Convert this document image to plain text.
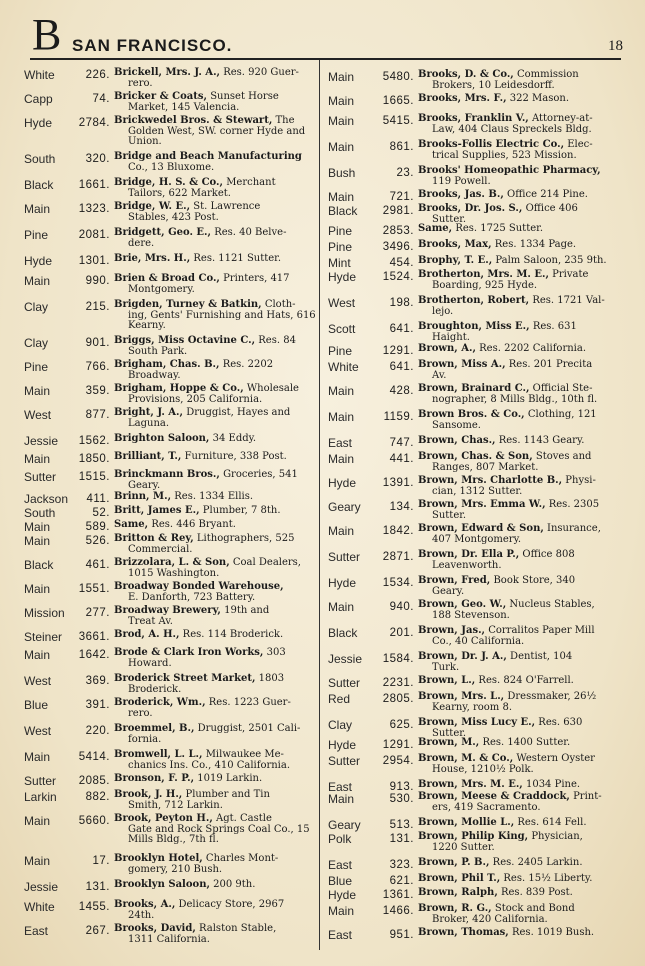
B SAN FRANCISCO.	18
White	226. Brickell, Mrs. J. A., Res. 920 Guer-
rero.
Capp	74. Bricker & Coats, Sunset Horse
Market, 145 Valencia.
Hyde	2784. Brickwedel Bros. & Stewart, The
Golden West, SW. corner Hyde and Union.
South	320. Bridge and Beach Manufacturing
Co., 13 Bluxome.
Black	1661. Bridge, H. S. & Co., Merchant
Tailors, 622 Market.
Main	1323. Bridge, W. E., St. Lawrence
Stables, 423 Post.
Pine	2081. Bridgett, Geo. E., Res. 40 Belve-
dere.
Hyde	1301. Brie, Mrs. H., Res. 1121 Sutter.
Main	990. Brien & Broad Co., Printers, 417
Montgomery.
Clay	215. Brigden, Turney & Batkin, Cloth-
ing, Gents' Furnishing and Hats, 616 Kearny.
Clay	901. Briggs, Miss Octavine C., Res. 84
South Park.
Pine	766. Brigham, Chas. B., Res. 2202
Broadway.
Main	359. Brigham, Hoppe & Co., Wholesale
Provisions, 205 California.
West	877. Bright, J. A., Druggist, Hayes and
Laguna.
Jessie	1562. Brighton Saloon, 34 Eddy.
Main	1850. Brilliant, T., Furniture, 338 Post.
Sutter	1515. Brinckmann Bros., Groceries, 541
Geary.
Jackson	411. Brinn, M., Res. 1334 Ellis.
South	52. Britt, James E., Plumber, 7 8th.
Main	589. Same, Res. 446 Bryant.
Main	526. Britton & Rey, Lithographers, 525
Commercial.
Black	461. Brizzolara, L. & Son, Coal Dealers,
1015 Washington.
Main	1551. Broadway Bonded Warehouse,
E. Danforth, 723 Battery.
Mission	277. Broadway Brewery, 19th and
Treat Av.
Steiner	3661. Brod, A. H., Res. 114 Broderick.
Main	1642. Brode & Clark Iron Works, 303
Howard.
West	369. Broderick Street Market, 1803
Broderick.
Blue	391. Broderick, Wm., Res. 1223 Guer-
rero.
West	220. Broemmel, B., Druggist, 2501 Cali-
fornia.
Main	5414. Bromwell, L. L., Milwaukee Me-
chanics Ins. Co., 410 California.
Sutter	2085. Bronson, F. P., 1019 Larkin.
Larkin	882. Brook, J. H., Plumber and Tin
Smith, 712 Larkin.
Main	5660. Brook, Peyton H., Agt. Castle
Gate and Rock Springs Coal Co., 15 Mills Bldg., 7th fl.
Main	17. Brooklyn Hotel, Charles Mont-
gomery, 210 Bush.
Jessie	131. Brooklyn Saloon, 200 9th.
White	1455. Brooks, A., Delicacy Store, 2967
24th.
East	267. Brooks, David, Ralston Stable,
1311 California.
Main	5480. Brooks, D. & Co., Commission
Brokers, 10 Leidesdorff.
Main	1665. Brooks, Mrs. F., 322 Mason.
Main	5415. Brooks, Franklin V., Attorney-at-
Law, 404 Claus Spreckels Bldg.
Main	861. Brooks-Follis Electric Co., Elec-
trical Supplies, 523 Mission.
Bush	23. Brooks' Homeopathic Pharmacy,
119 Powell.
Main	721. Brooks, Jas. B., Office 214 Pine.
Black	2981. Brooks, Dr. Jos. S., Office 406
Sutter.
Pine	2853. Same, Res. 1725 Sutter.
Pine	3496. Brooks, Max, Res. 1334 Page.
Mint	454. Brophy, T. E., Palm Saloon, 235 9th.
Hyde	1524. Brotherton, Mrs. M. E., Private
Boarding, 925 Hyde.
West	198. Brotherton, Robert, Res. 1721 Val-
lejo.
Scott	641. Broughton, Miss E., Res. 631
Haight.
Pine	1291. Brown, A., Res. 2202 California.
White	641. Brown, Miss A., Res. 201 Precita
Av.
Main	428. Brown, Brainard C., Official Ste-
nographer, 8 Mills Bldg., 10th fl.
Main	1159. Brown Bros. & Co., Clothing, 121
Sansome.
East	747. Brown, Chas., Res. 1143 Geary.
Main	441. Brown, Chas. & Son, Stoves and
Ranges, 807 Market.
Hyde	1391. Brown, Mrs. Charlotte B., Physi-
cian, 1312 Sutter.
Geary	134. Brown, Mrs. Emma W., Res. 2305
Sutter.
Main	1842. Brown, Edward & Son, Insurance,
407 Montgomery.
Sutter	2871. Brown, Dr. Ella P., Office 808
Leavenworth.
Hyde	1534. Brown, Fred, Book Store, 340
Geary.
Main	940. Brown, Geo. W., Nucleus Stables,
188 Stevenson.
Black	201. Brown, Jas., Corralitos Paper Mill
Co., 40 California.
Jessie	1584. Brown, Dr. J. A., Dentist, 104
Turk.
Sutter	2231. Brown, L., Res. 824 O'Farrell.
Red	2805. Brown, Mrs. L., Dressmaker, 26½
Kearny, room 8.
Clay	625. Brown, Miss Lucy E., Res. 630
Sutter.
Hyde	1291. Brown, M., Res. 1400 Sutter.
Sutter	2954. Brown, M. & Co., Western Oyster
House, 1210½ Polk.
East	913. Brown, Mrs. M. E., 1034 Pine.
Main	530. Brown, Meese & Craddock, Print-
ers, 419 Sacramento.
Geary	513. Brown, Mollie L., Res. 614 Fell.
Polk	131. Brown, Philip King, Physician,
1220 Sutter.
East	323. Brown, P. B., Res. 2405 Larkin.
Blue	621. Brown, Phil T., Res. 15½ Liberty.
Hyde	1361. Brown, Ralph, Res. 839 Post.
Main	1466. Brown, R. G., Stock and Bond
Broker, 420 California.
East	951. Brown, Thomas, Res. 1019 Bush.
